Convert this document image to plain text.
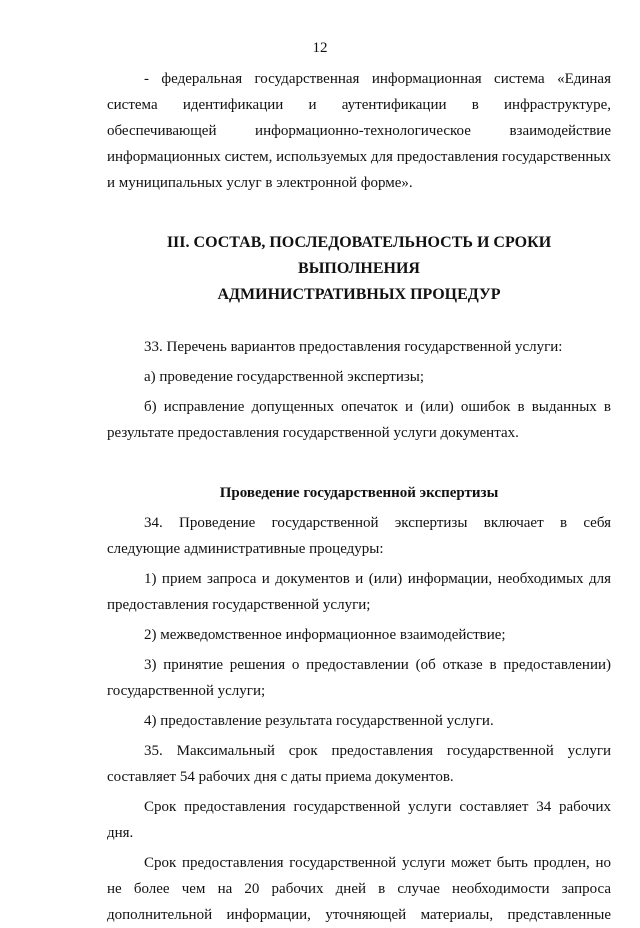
12

- федеральная государственная информационная система «Единая система идентификации и аутентификации в инфраструктуре, обеспечивающей информационно-технологическое взаимодействие информационных систем, используемых для предоставления государственных и муниципальных услуг в электронной форме».

III. СОСТАВ, ПОСЛЕДОВАТЕЛЬНОСТЬ И СРОКИ ВЫПОЛНЕНИЯ
АДМИНИСТРАТИВНЫХ ПРОЦЕДУР

33. Перечень вариантов предоставления государственной услуги:

а) проведение государственной экспертизы;

б) исправление допущенных опечаток и (или) ошибок в выданных в результате предоставления государственной услуги документах.

Проведение государственной экспертизы

34. Проведение государственной экспертизы включает в себя следующие административные процедуры:

1) прием запроса и документов и (или) информации, необходимых для предоставления государственной услуги;

2) межведомственное информационное взаимодействие;

3) принятие решения о предоставлении (об отказе в предоставлении) государственной услуги;

4) предоставление результата государственной услуги.

35. Максимальный срок предоставления государственной услуги составляет 54 рабочих дня с даты приема документов.

Срок предоставления государственной услуги составляет 34 рабочих дня.

Срок предоставления государственной услуги может быть продлен, но не более чем на 20 рабочих дней в случае необходимости запроса дополнительной информации, уточняющей материалы, представленные
